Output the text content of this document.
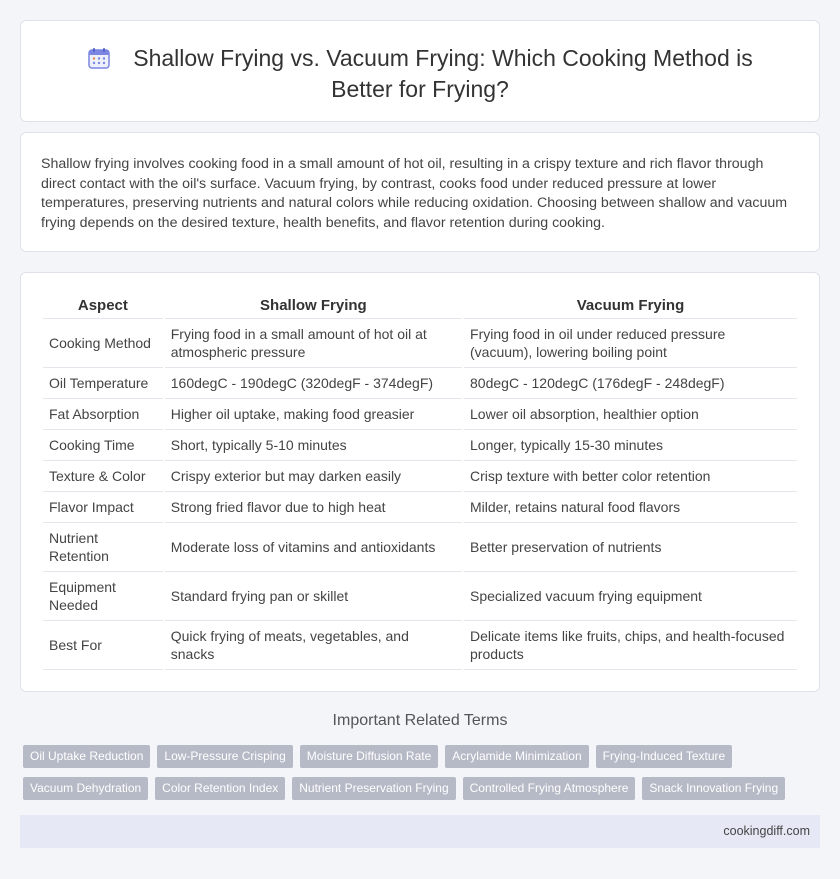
Shallow Frying vs. Vacuum Frying: Which Cooking Method is Better for Frying?

Shallow frying involves cooking food in a small amount of hot oil, resulting in a crispy texture and rich flavor through direct contact with the oil's surface. Vacuum frying, by contrast, cooks food under reduced pressure at lower temperatures, preserving nutrients and natural colors while reducing oxidation. Choosing between shallow and vacuum frying depends on the desired texture, health benefits, and flavor retention during cooking.

Aspect	Shallow Frying	Vacuum Frying
Cooking Method	Frying food in a small amount of hot oil at atmospheric pressure	Frying food in oil under reduced pressure (vacuum), lowering boiling point
Oil Temperature	160degC - 190degC (320degF - 374degF)	80degC - 120degC (176degF - 248degF)
Fat Absorption	Higher oil uptake, making food greasier	Lower oil absorption, healthier option
Cooking Time	Short, typically 5-10 minutes	Longer, typically 15-30 minutes
Texture & Color	Crispy exterior but may darken easily	Crisp texture with better color retention
Flavor Impact	Strong fried flavor due to high heat	Milder, retains natural food flavors
Nutrient Retention	Moderate loss of vitamins and antioxidants	Better preservation of nutrients
Equipment Needed	Standard frying pan or skillet	Specialized vacuum frying equipment
Best For	Quick frying of meats, vegetables, and snacks	Delicate items like fruits, chips, and health-focused products
Important Related Terms
Oil Uptake Reduction	Low-Pressure Crisping	Moisture Diffusion Rate	Acrylamide Minimization	Frying-Induced Texture
Vacuum Dehydration	Color Retention Index	Nutrient Preservation Frying	Controlled Frying Atmosphere	Snack Innovation Frying
cookingdiff.com
